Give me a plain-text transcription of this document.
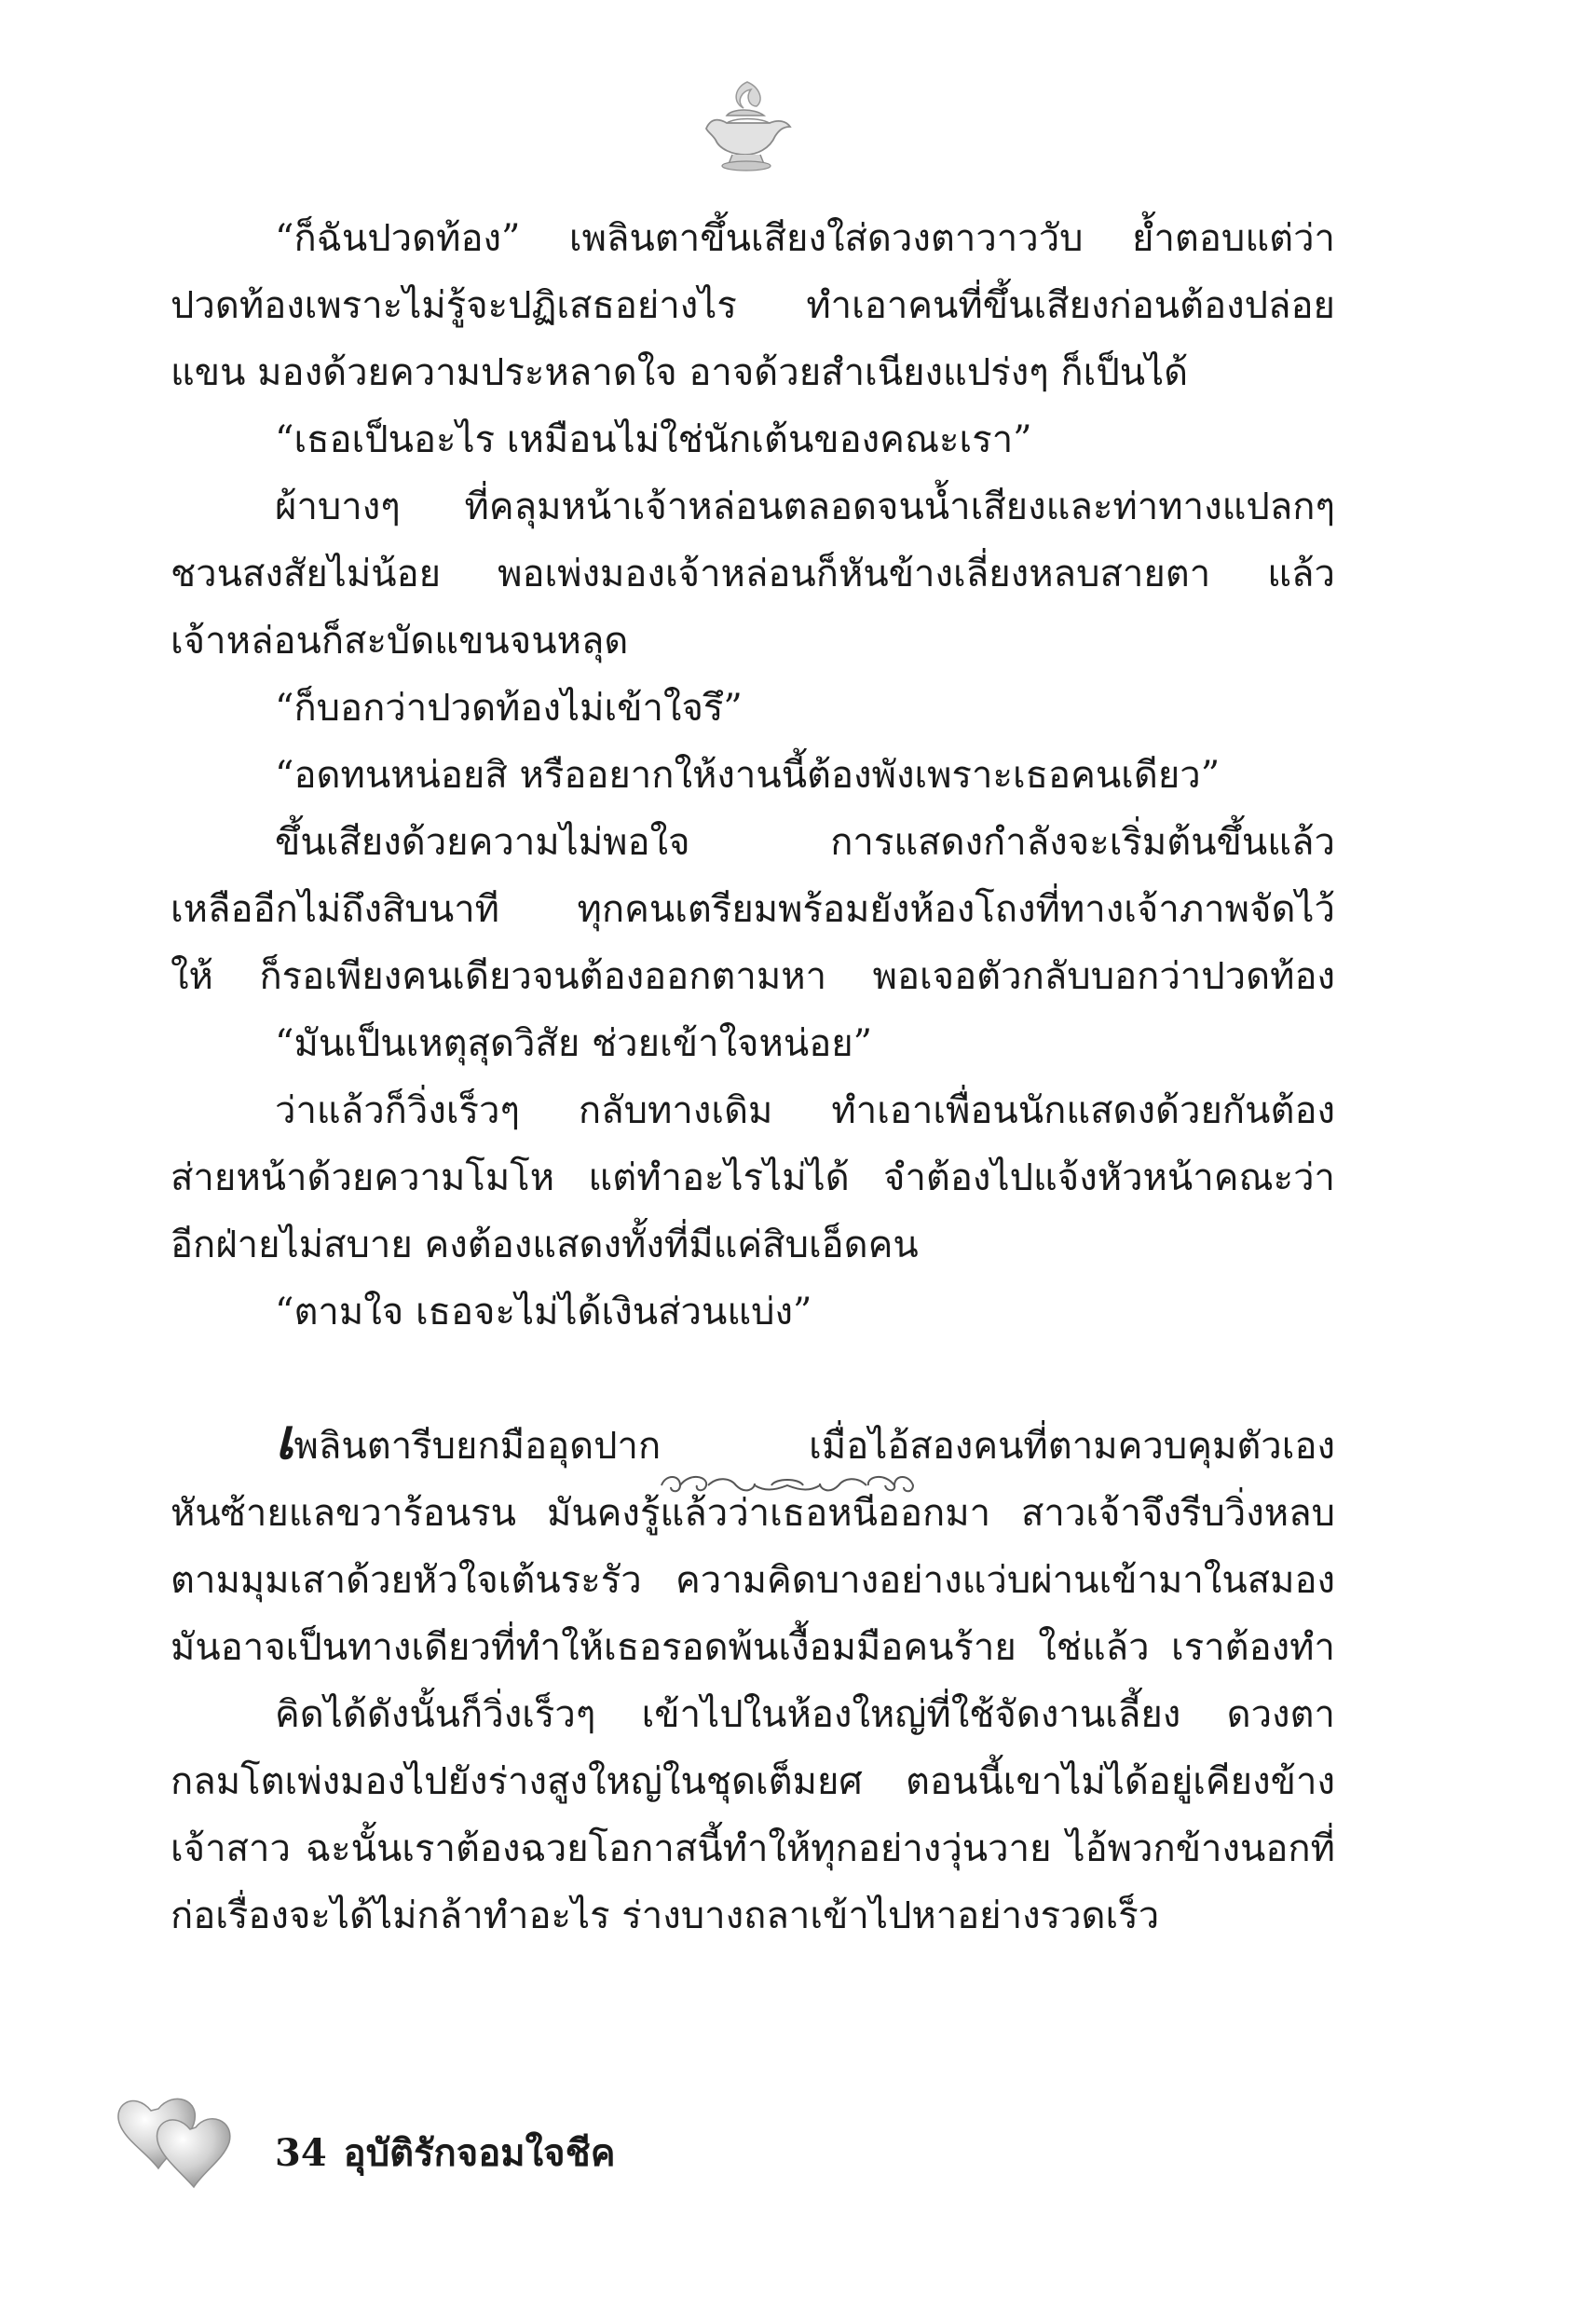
“ก็ฉันปวดท้อง” เพลินตาขึ้นเสียงใส่ดวงตาวาววับ ย้ำตอบแต่ว่า
ปวดท้องเพราะไม่รู้จะปฏิเสธอย่างไร ทำเอาคนที่ขึ้นเสียงก่อนต้องปล่อย
แขน มองด้วยความประหลาดใจ อาจด้วยสำเนียงแปร่งๆ ก็เป็นได้
“เธอเป็นอะไร เหมือนไม่ใช่นักเต้นของคณะเรา”
ผ้าบางๆ ที่คลุมหน้าเจ้าหล่อนตลอดจนน้ำเสียงและท่าทางแปลกๆ
ชวนสงสัยไม่น้อย พอเพ่งมองเจ้าหล่อนก็หันข้างเลี่ยงหลบสายตา แล้ว
เจ้าหล่อนก็สะบัดแขนจนหลุด
“ก็บอกว่าปวดท้องไม่เข้าใจรึ”
“อดทนหน่อยสิ หรืออยากให้งานนี้ต้องพังเพราะเธอคนเดียว”
ขึ้นเสียงด้วยความไม่พอใจ การแสดงกำลังจะเริ่มต้นขึ้นแล้ว
เหลืออีกไม่ถึงสิบนาที ทุกคนเตรียมพร้อมยังห้องโถงที่ทางเจ้าภาพจัดไว้
ให้ ก็รอเพียงคนเดียวจนต้องออกตามหา พอเจอตัวกลับบอกว่าปวดท้อง
“มันเป็นเหตุสุดวิสัย ช่วยเข้าใจหน่อย”
ว่าแล้วก็วิ่งเร็วๆ กลับทางเดิม ทำเอาเพื่อนนักแสดงด้วยกันต้อง
ส่ายหน้าด้วยความโมโห แต่ทำอะไรไม่ได้ จำต้องไปแจ้งหัวหน้าคณะว่า
อีกฝ่ายไม่สบาย คงต้องแสดงทั้งที่มีแค่สิบเอ็ดคน
“ตามใจ เธอจะไม่ได้เงินส่วนแบ่ง”
เพลินตารีบยกมืออุดปาก เมื่อไอ้สองคนที่ตามควบคุมตัวเอง
หันซ้ายแลขวาร้อนรน มันคงรู้แล้วว่าเธอหนีออกมา สาวเจ้าจึงรีบวิ่งหลบ
ตามมุมเสาด้วยหัวใจเต้นระรัว ความคิดบางอย่างแว่บผ่านเข้ามาในสมอง
มันอาจเป็นทางเดียวที่ทำให้เธอรอดพ้นเงื้อมมือคนร้าย ใช่แล้ว เราต้องทำ
คิดได้ดังนั้นก็วิ่งเร็วๆ เข้าไปในห้องใหญ่ที่ใช้จัดงานเลี้ยง ดวงตา
กลมโตเพ่งมองไปยังร่างสูงใหญ่ในชุดเต็มยศ ตอนนี้เขาไม่ได้อยู่เคียงข้าง
เจ้าสาว ฉะนั้นเราต้องฉวยโอกาสนี้ทำให้ทุกอย่างวุ่นวาย ไอ้พวกข้างนอกที่
ก่อเรื่องจะได้ไม่กล้าทำอะไร ร่างบางถลาเข้าไปหาอย่างรวดเร็ว
34 อุบัติรักจอมใจชีค
